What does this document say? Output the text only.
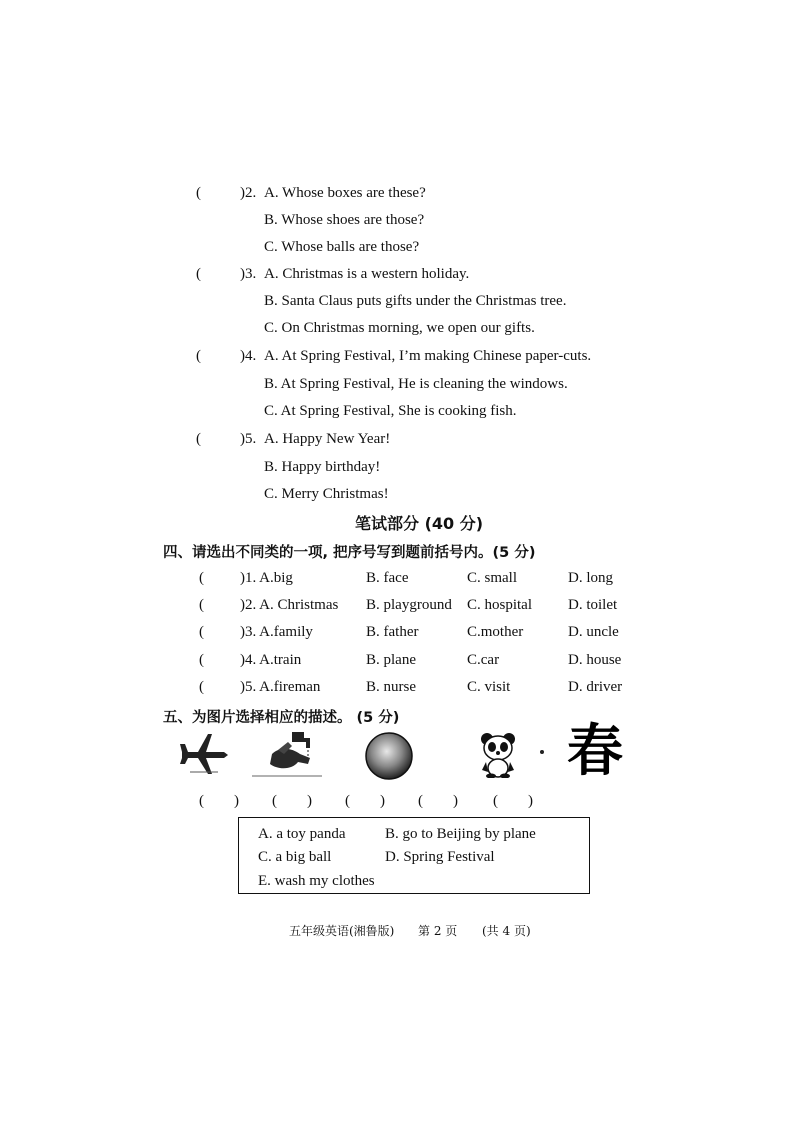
(	)2. A. Whose boxes are these?
B. Whose shoes are those?
C. Whose balls are those?
(	)3. A. Christmas is a western holiday.
B. Santa Claus puts gifts under the Christmas tree.
C. On Christmas morning, we open our gifts.
(	)4. A. At Spring Festival, I’m making Chinese paper-cuts.
B. At Spring Festival, He is cleaning the windows.
C. At Spring Festival, She is cooking fish.
(	)5. A. Happy New Year!
B. Happy birthday!
C. Merry Christmas!
笔试部分 (40 分)
四、请选出不同类的一项, 把序号写到题前括号内。(5 分)
( )1. A.big	B. face	C. small	D. long
( )2. A. Christmas B. playground C. hospital D. toilet
( )3. A.family	B. father	C.mother	D. uncle
( )4. A.train	B. plane	C.car	D. house
( )5. A.fireman	B. nurse	C. visit	D. driver
五、为图片选择相应的描述。 (5 分)
春
(　　) (　　) (　　) (　　) (　　)
A. a toy panda	B. go to Beijing by plane
C. a big ball	D. Spring Festival
E. wash my clothes
五年级英语(湘鲁版) 第 2 页 (共 4 页)
